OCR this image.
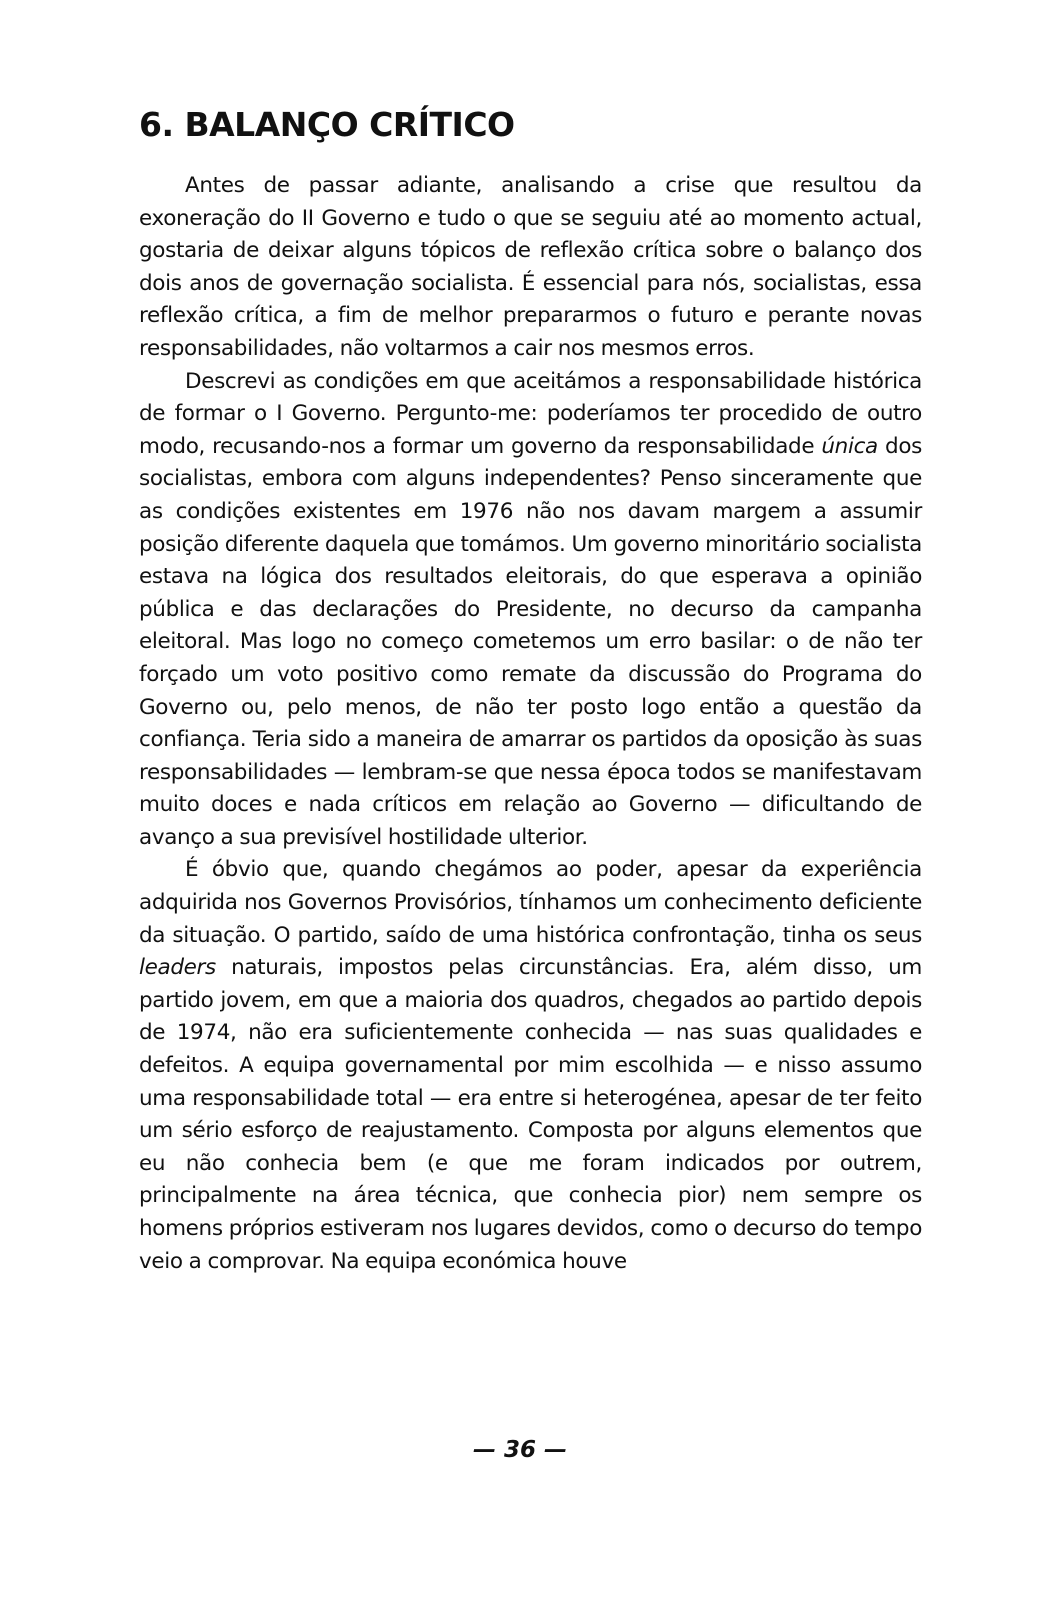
6. BALANÇO CRÍTICO

Antes de passar adiante, analisando a crise que resultou da exoneração do II Governo e tudo o que se seguiu até ao momento actual, gostaria de deixar alguns tópicos de reflexão crítica sobre o balanço dos dois anos de governação socialista. É essencial para nós, socialistas, essa reflexão crítica, a fim de melhor prepararmos o futuro e perante novas responsabilidades, não voltarmos a cair nos mesmos erros.

Descrevi as condições em que aceitámos a responsabilidade histórica de formar o I Governo. Pergunto-me: poderíamos ter procedido de outro modo, recusando-nos a formar um governo da responsabilidade única dos socialistas, embora com alguns independentes? Penso sinceramente que as condições existentes em 1976 não nos davam margem a assumir posição diferente daquela que tomámos. Um governo minoritário socialista estava na lógica dos resultados eleitorais, do que esperava a opinião pública e das declarações do Presidente, no decurso da campanha eleitoral. Mas logo no começo cometemos um erro basilar: o de não ter forçado um voto positivo como remate da discussão do Programa do Governo ou, pelo menos, de não ter posto logo então a questão da confiança. Teria sido a maneira de amarrar os partidos da oposição às suas responsabilidades — lembram-se que nessa época todos se manifestavam muito doces e nada críticos em relação ao Governo — dificultando de avanço a sua previsível hostilidade ulterior.

É óbvio que, quando chegámos ao poder, apesar da experiência adquirida nos Governos Provisórios, tínhamos um conhecimento deficiente da situação. O partido, saído de uma histórica confrontação, tinha os seus leaders naturais, impostos pelas circunstâncias. Era, além disso, um partido jovem, em que a maioria dos quadros, chegados ao partido depois de 1974, não era suficientemente conhecida — nas suas qualidades e defeitos. A equipa governamental por mim escolhida — e nisso assumo uma responsabilidade total — era entre si heterogénea, apesar de ter feito um sério esforço de reajustamento. Composta por alguns elementos que eu não conhecia bem (e que me foram indicados por outrem, principalmente na área técnica, que conhecia pior) nem sempre os homens próprios estiveram nos lugares devidos, como o decurso do tempo veio a comprovar. Na equipa económica houve

— 36 —
